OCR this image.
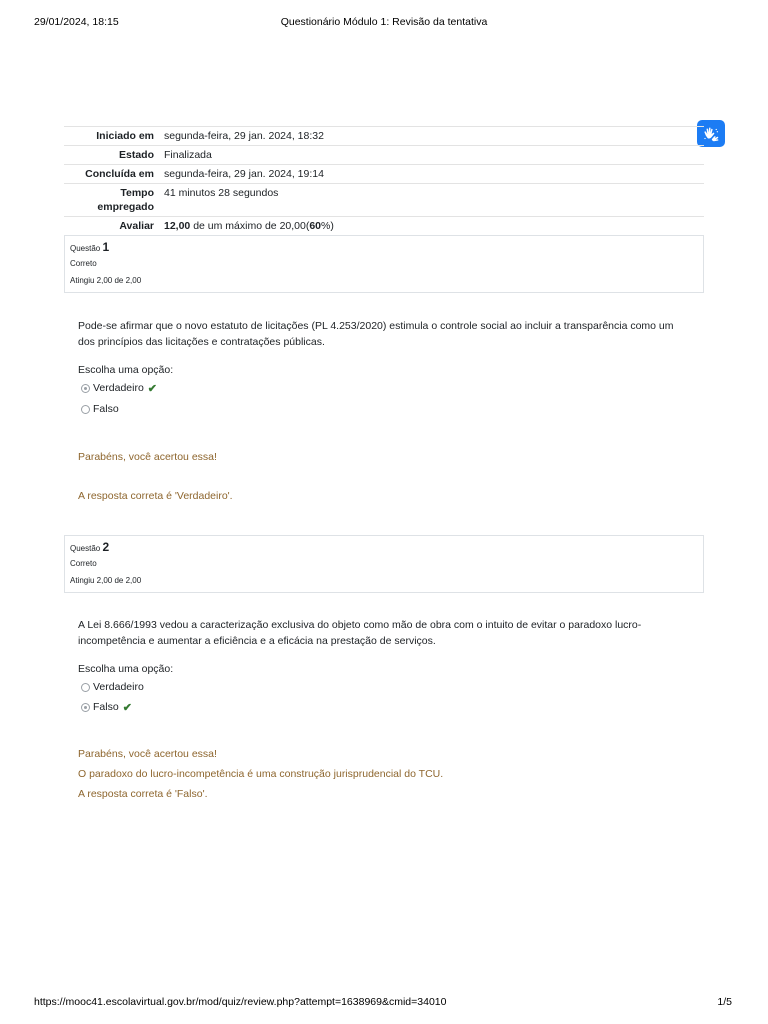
29/01/2024, 18:15	Questionário Módulo 1: Revisão da tentativa
Iniciado em segunda-feira, 29 jan. 2024, 18:32
Estado Finalizada
Concluída em segunda-feira, 29 jan. 2024, 19:14
Tempo
empregado
41 minutos 28 segundos
Avaliar 12,00 de um máximo de 20,00(60%)
Questão 1
Correto
Atingiu 2,00 de 2,00
Pode-se afirmar que o novo estatuto de licitações (PL 4.253/2020) estimula o controle social ao incluir a transparência como um dos princípios das licitações e contratações públicas.
Escolha uma opção:
Verdadeiro ✔
Falso
Parabéns, você acertou essa!
A resposta correta é 'Verdadeiro'.
Questão 2
Correto
Atingiu 2,00 de 2,00
A Lei 8.666/1993 vedou a caracterização exclusiva do objeto como mão de obra com o intuito de evitar o paradoxo lucro-incompetência e aumentar a eficiência e a eficácia na prestação de serviços.
Escolha uma opção:
Verdadeiro
Falso ✔
Parabéns, você acertou essa!
O paradoxo do lucro-incompetência é uma construção jurisprudencial do TCU.
A resposta correta é 'Falso'.
https://mooc41.escolavirtual.gov.br/mod/quiz/review.php?attempt=1638969&cmid=34010	1/5
